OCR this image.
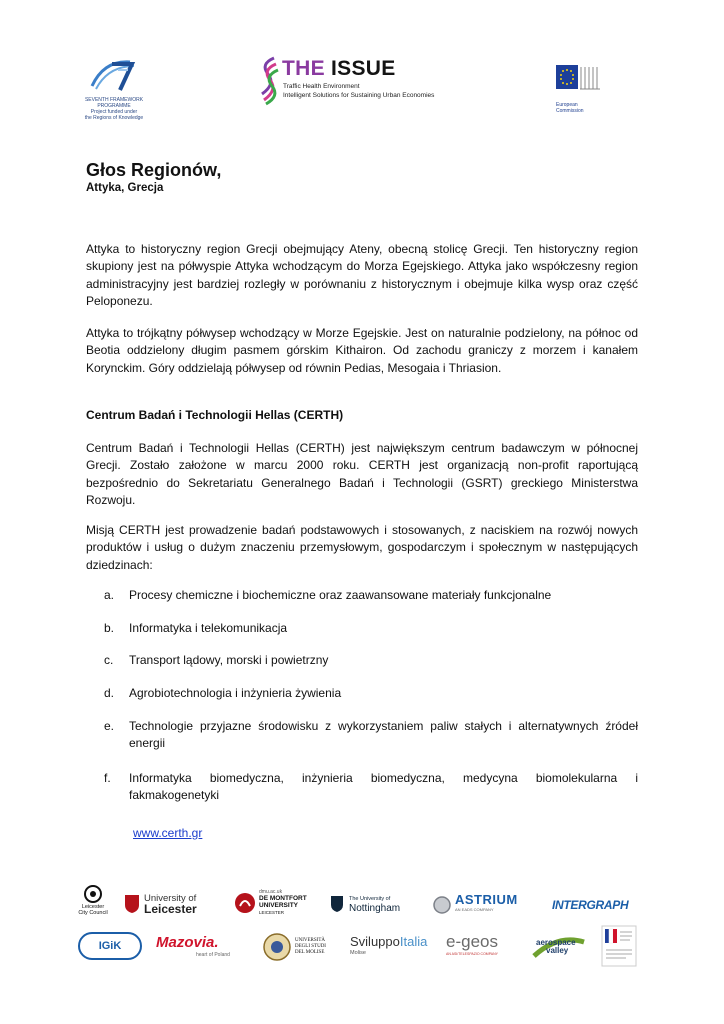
SEVENTH FRAMEWORK
PROGRAMME
Project funded under
the Regions of Knowledge
THE ISSUE
Traffic Health Environment
Intelligent Solutions for Sustaining Urban Economies
European
Commission
Głos Regionów,
Attyka, Grecja
Attyka to historyczny region Grecji obejmujący Ateny, obecną stolicę Grecji. Ten historyczny region skupiony jest na półwyspie Attyka wchodzącym do Morza Egejskiego. Attyka jako współczesny region administracyjny jest bardziej rozległy w porównaniu z historycznym i obejmuje kilka wysp oraz część Peloponezu.
Attyka to trójkątny półwysep wchodzący w Morze Egejskie. Jest on naturalnie podzielony, na północ od Beotia oddzielony długim pasmem górskim Kithairon. Od zachodu graniczy z morzem i kanałem Korynckim. Góry oddzielają półwysep od równin Pedias, Mesogaia i Thriasion.
Centrum Badań i Technologii Hellas (CERTH)
Centrum Badań i Technologii Hellas (CERTH) jest największym centrum badawczym w północnej Grecji. Zostało założone w marcu 2000 roku. CERTH jest organizacją non-profit raportującą bezpośrednio do Sekretariatu Generalnego Badań i Technologii (GSRT) greckiego Ministerstwa Rozwoju.
Misją CERTH jest prowadzenie badań podstawowych i stosowanych, z naciskiem na rozwój nowych produktów i usług o dużym znaczeniu przemysłowym, gospodarczym i społecznym w następujących dziedzinach:
a.	Procesy chemiczne i biochemiczne oraz zaawansowane materiały funkcjonalne
b.	Informatyka i telekomunikacja
c.	Transport lądowy, morski i powietrzny
d.	Agrobiotechnologia i inżynieria żywienia
e.	Technologie przyjazne środowisku z wykorzystaniem paliw stałych i alternatywnych źródeł energii
f.	Informatyka biomedyczna, inżynieria biomedyczna, medycyna biomolekularna i fakmakogenetyki
www.certh.gr
Leicester
City Council
University of
Leicester
dmu.ac.uk
DE MONTFORT
UNIVERSITY
LEICESTER
The University of
Nottingham
ASTRIUM
AN EADS COMPANY	INTERGRAPH
IGiK Mazovia.
heart of Poland
UNIVERSITÀ
DEGLI STUDI
DEL MOLISE
SviluppoItalia
Molise
e-geos
AN ASI/TELESPAZIO COMPANY
aerospace
valley
